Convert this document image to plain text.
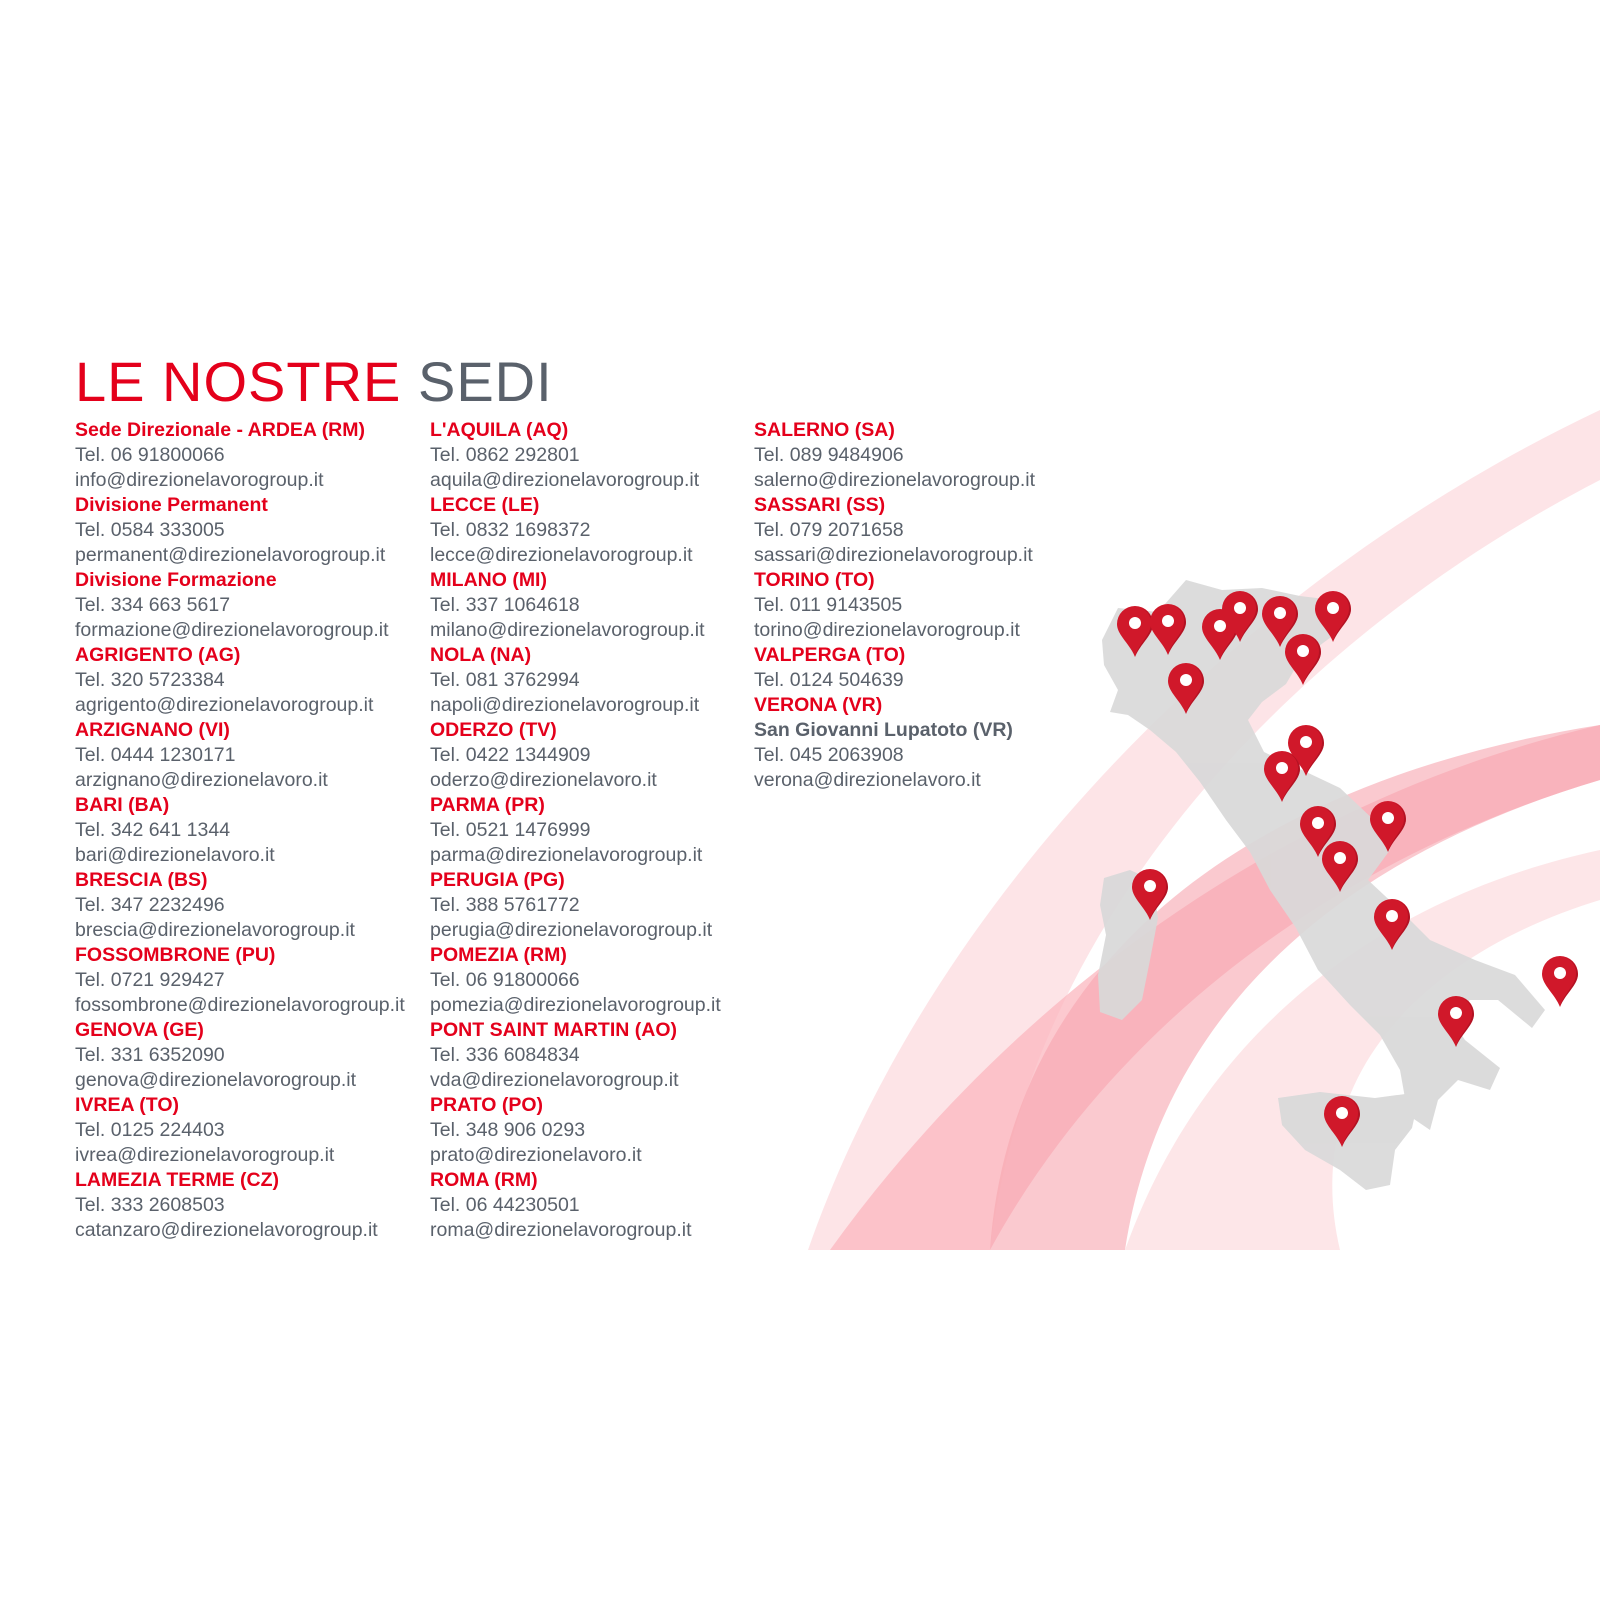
LE NOSTRE SEDI
Sede Direzionale - ARDEA (RM)
Tel. 06 91800066
info@direzionelavorogroup.it
Divisione Permanent
Tel. 0584 333005
permanent@direzionelavorogroup.it
Divisione Formazione
Tel. 334 663 5617
formazione@direzionelavorogroup.it
AGRIGENTO (AG)
Tel. 320 5723384
agrigento@direzionelavorogroup.it
ARZIGNANO (VI)
Tel. 0444 1230171
arzignano@direzionelavoro.it
BARI (BA)
Tel. 342 641 1344
bari@direzionelavoro.it
BRESCIA (BS)
Tel. 347 2232496
brescia@direzionelavorogroup.it
FOSSOMBRONE (PU)
Tel. 0721 929427
fossombrone@direzionelavorogroup.it
GENOVA (GE)
Tel. 331 6352090
genova@direzionelavorogroup.it
IVREA (TO)
Tel. 0125 224403
ivrea@direzionelavorogroup.it
LAMEZIA TERME (CZ)
Tel. 333 2608503
catanzaro@direzionelavorogroup.it
L'AQUILA (AQ)
Tel. 0862 292801
aquila@direzionelavorogroup.it
LECCE (LE)
Tel. 0832 1698372
lecce@direzionelavorogroup.it
MILANO (MI)
Tel. 337 1064618
milano@direzionelavorogroup.it
NOLA (NA)
Tel. 081 3762994
napoli@direzionelavorogroup.it
ODERZO (TV)
Tel. 0422 1344909
oderzo@direzionelavoro.it
PARMA (PR)
Tel. 0521 1476999
parma@direzionelavorogroup.it
PERUGIA (PG)
Tel. 388 5761772
perugia@direzionelavorogroup.it
POMEZIA (RM)
Tel. 06 91800066
pomezia@direzionelavorogroup.it
PONT SAINT MARTIN (AO)
Tel. 336 6084834
vda@direzionelavorogroup.it
PRATO (PO)
Tel. 348 906 0293
prato@direzionelavoro.it
ROMA (RM)
Tel. 06 44230501
roma@direzionelavorogroup.it
SALERNO (SA)
Tel. 089 9484906
salerno@direzionelavorogroup.it
SASSARI (SS)
Tel. 079 2071658
sassari@direzionelavorogroup.it
TORINO (TO)
Tel. 011 9143505
torino@direzionelavorogroup.it
VALPERGA (TO)
Tel. 0124 504639
VERONA (VR)
San Giovanni Lupatoto (VR)
Tel. 045 2063908
verona@direzionelavoro.it
